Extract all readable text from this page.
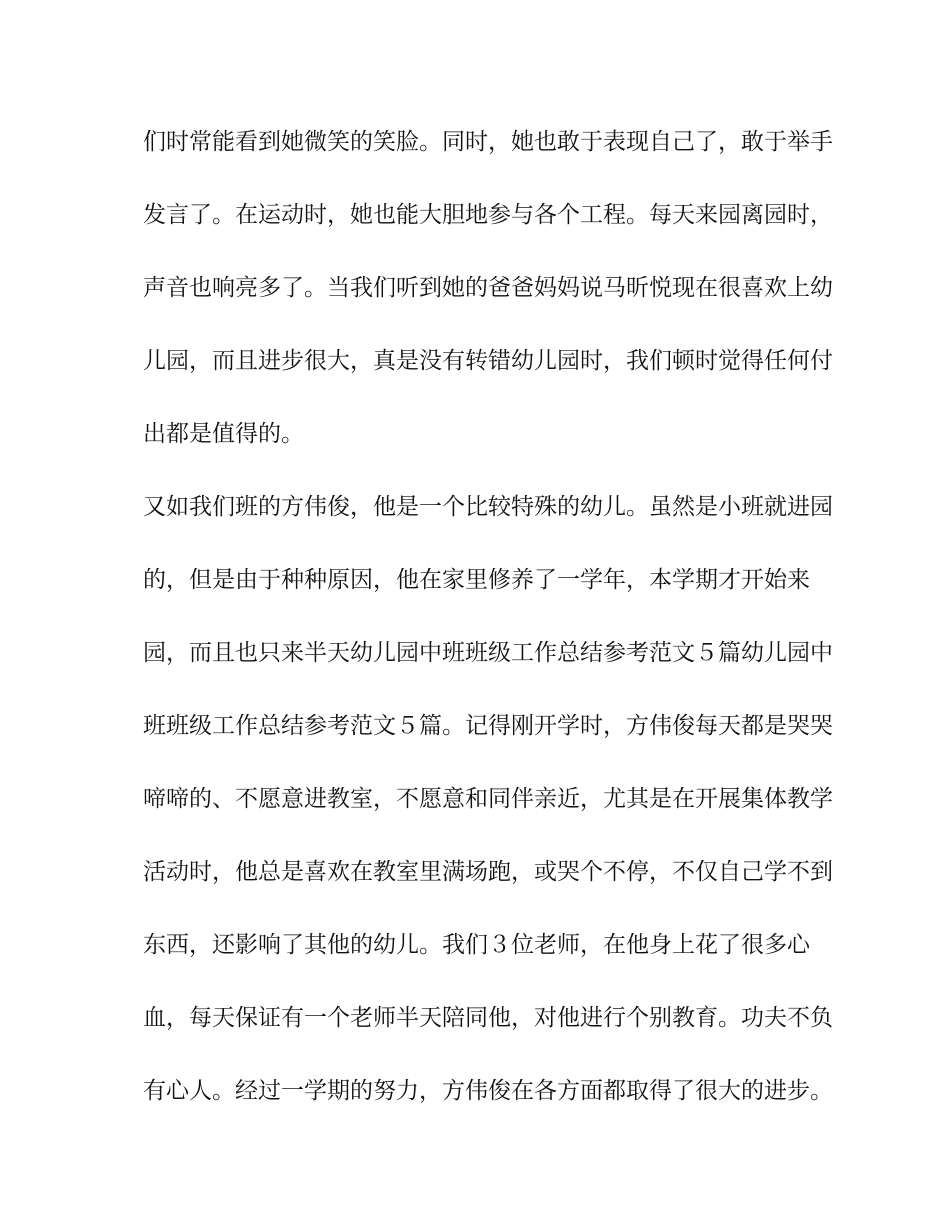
们时常能看到她微笑的笑脸。同时，她也敢于表现自己了，敢于举手
发言了。在运动时，她也能大胆地参与各个工程。每天来园离园时，
声音也响亮多了。当我们听到她的爸爸妈妈说马昕悦现在很喜欢上幼
儿园，而且进步很大，真是没有转错幼儿园时，我们顿时觉得任何付
出都是值得的。
又如我们班的方伟俊，他是一个比较特殊的幼儿。虽然是小班就进园
的，但是由于种种原因，他在家里修养了一学年，本学期才开始来
园，而且也只来半天幼儿园中班班级工作总结参考范文５篇幼儿园中
班班级工作总结参考范文５篇。记得刚开学时，方伟俊每天都是哭哭
啼啼的、不愿意进教室，不愿意和同伴亲近，尤其是在开展集体教学
活动时，他总是喜欢在教室里满场跑，或哭个不停，不仅自己学不到
东西，还影响了其他的幼儿。我们３位老师，在他身上花了很多心
血，每天保证有一个老师半天陪同他，对他进行个别教育。功夫不负
有心人。经过一学期的努力，方伟俊在各方面都取得了很大的进步。
